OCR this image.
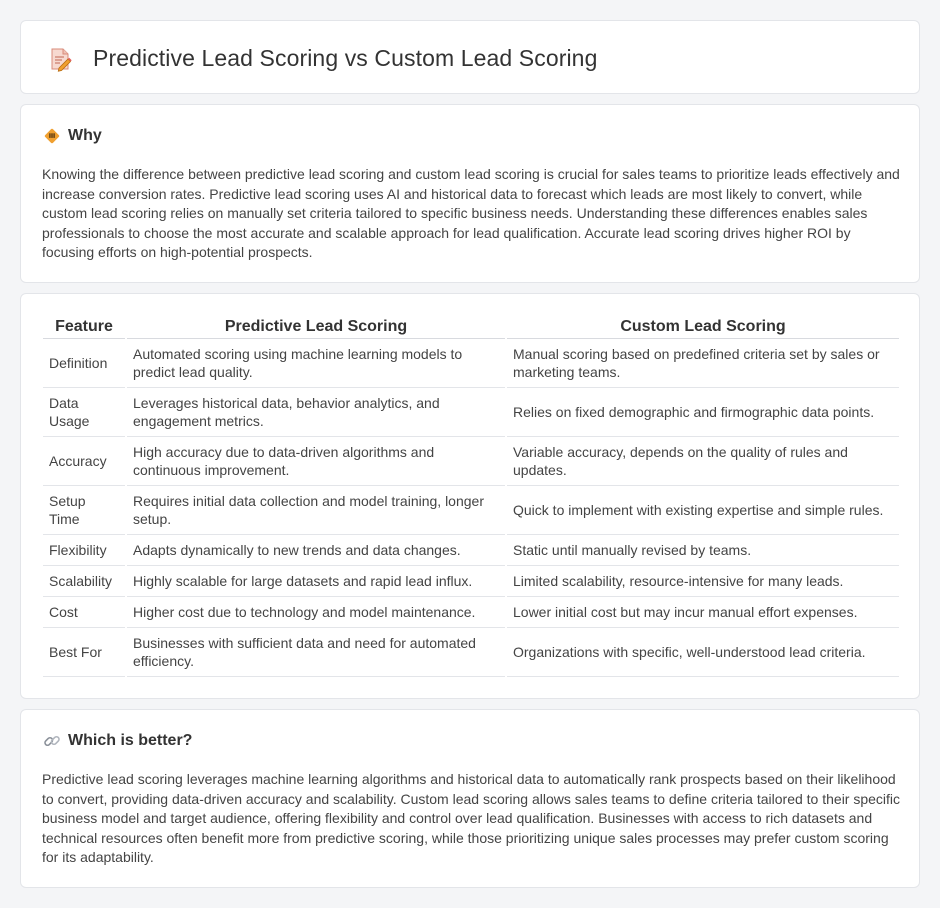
Predictive Lead Scoring vs Custom Lead Scoring
Why

Knowing the difference between predictive lead scoring and custom lead scoring is crucial for sales teams to prioritize leads effectively and increase conversion rates. Predictive lead scoring uses AI and historical data to forecast which leads are most likely to convert, while custom lead scoring relies on manually set criteria tailored to specific business needs. Understanding these differences enables sales professionals to choose the most accurate and scalable approach for lead qualification. Accurate lead scoring drives higher ROI by focusing efforts on high-potential prospects.

Feature	Predictive Lead Scoring	Custom Lead Scoring
Definition	Automated scoring using machine learning models to predict lead quality.	Manual scoring based on predefined criteria set by sales or marketing teams.
Data Usage	Leverages historical data, behavior analytics, and engagement metrics.	Relies on fixed demographic and firmographic data points.
Accuracy	High accuracy due to data-driven algorithms and continuous improvement.	Variable accuracy, depends on the quality of rules and updates.
Setup Time	Requires initial data collection and model training, longer setup.	Quick to implement with existing expertise and simple rules.
Flexibility	Adapts dynamically to new trends and data changes.	Static until manually revised by teams.
Scalability	Highly scalable for large datasets and rapid lead influx.	Limited scalability, resource-intensive for many leads.
Cost	Higher cost due to technology and model maintenance.	Lower initial cost but may incur manual effort expenses.
Best For	Businesses with sufficient data and need for automated efficiency.	Organizations with specific, well-understood lead criteria.
Which is better?

Predictive lead scoring leverages machine learning algorithms and historical data to automatically rank prospects based on their likelihood to convert, providing data-driven accuracy and scalability. Custom lead scoring allows sales teams to define criteria tailored to their specific business model and target audience, offering flexibility and control over lead qualification. Businesses with access to rich datasets and technical resources often benefit more from predictive scoring, while those prioritizing unique sales processes may prefer custom scoring for its adaptability.
